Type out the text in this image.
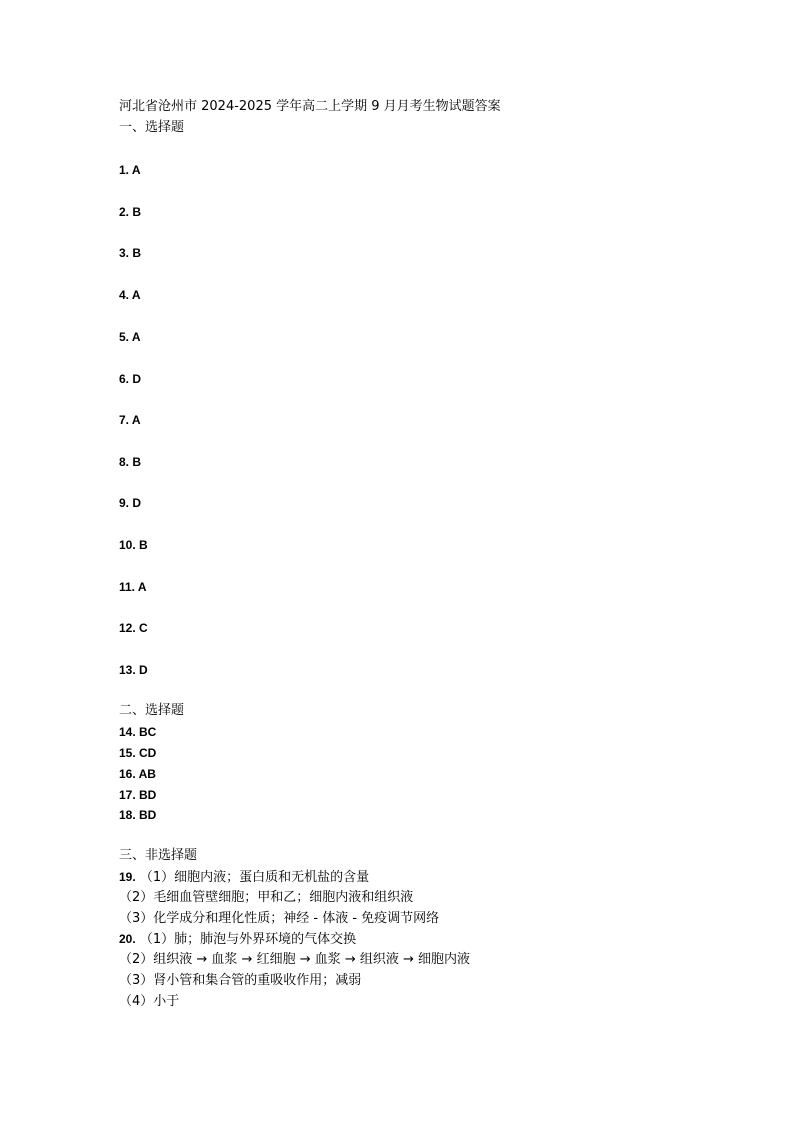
河北省沧州市 2024-2025 学年高二上学期 9 月月考生物试题答案
一、选择题
1. A
2. B
3. B
4. A
5. A
6. D
7. A
8. B
9. D
10. B
11. A
12. C
13. D
二、选择题
14. BC
15. CD
16. AB
17. BD
18. BD
三、非选择题
19. （1）细胞内液；蛋白质和无机盐的含量
（2）毛细血管壁细胞；甲和乙；细胞内液和组织液
（3）化学成分和理化性质；神经 - 体液 - 免疫调节网络
20. （1）肺；肺泡与外界环境的气体交换
（2）组织液 → 血浆 → 红细胞 → 血浆 → 组织液 → 细胞内液
（3）肾小管和集合管的重吸收作用；减弱
（4）小于
